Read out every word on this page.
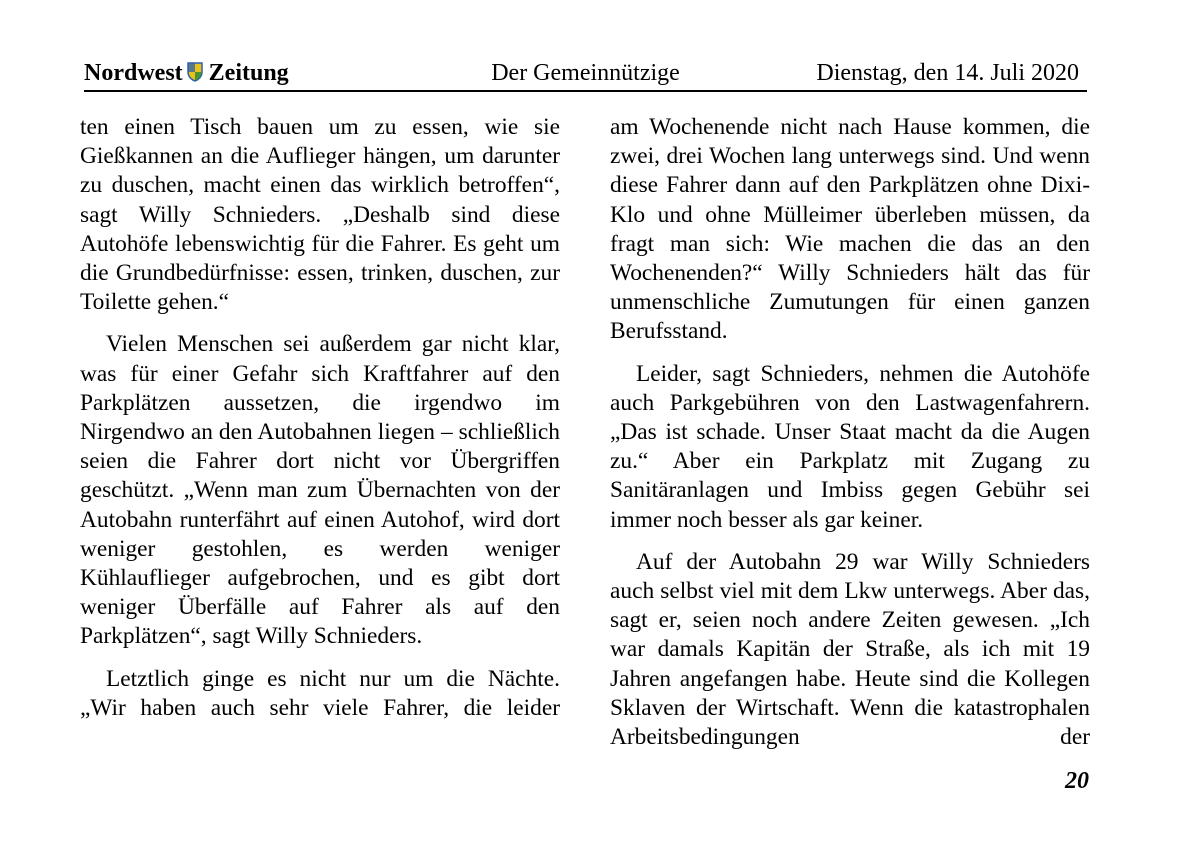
Nordwest Zeitung	Der Gemeinnützige	Dienstag, den 14. Juli 2020

ten einen Tisch bauen um zu essen, wie sie Gießkannen an die Auflieger hängen, um darunter zu duschen, macht einen das wirklich betroffen“, sagt Willy Schnieders. „Deshalb sind diese Autohöfe lebenswichtig für die Fahrer. Es geht um die Grundbedürfnisse: essen, trinken, duschen, zur Toilette gehen.“

Vielen Menschen sei außerdem gar nicht klar, was für einer Gefahr sich Kraftfahrer auf den Parkplätzen aussetzen, die irgendwo im Nirgendwo an den Autobahnen liegen – schließlich seien die Fahrer dort nicht vor Übergriffen geschützt. „Wenn man zum Übernachten von der Autobahn runterfährt auf einen Autohof, wird dort weniger gestohlen, es werden weniger Kühlauflieger aufgebrochen, und es gibt dort weniger Überfälle auf Fahrer als auf den Parkplätzen“, sagt Willy Schnieders.

Letztlich ginge es nicht nur um die Nächte. „Wir haben auch sehr viele Fahrer, die leider

am Wochenende nicht nach Hause kommen, die zwei, drei Wochen lang unterwegs sind. Und wenn diese Fahrer dann auf den Parkplätzen ohne Dixi-Klo und ohne Mülleimer überleben müssen, da fragt man sich: Wie machen die das an den Wochenenden?“ Willy Schnieders hält das für unmenschliche Zumutungen für einen ganzen Berufsstand.

Leider, sagt Schnieders, nehmen die Autohöfe auch Parkgebühren von den Lastwagenfahrern. „Das ist schade. Unser Staat macht da die Augen zu.“ Aber ein Parkplatz mit Zugang zu Sanitäranlagen und Imbiss gegen Gebühr sei immer noch besser als gar keiner.

Auf der Autobahn 29 war Willy Schnieders auch selbst viel mit dem Lkw unterwegs. Aber das, sagt er, seien noch andere Zeiten gewesen. „Ich war damals Kapitän der Straße, als ich mit 19 Jahren angefangen habe. Heute sind die Kollegen Sklaven der Wirtschaft. Wenn die katastrophalen Arbeitsbedingungen der

20
